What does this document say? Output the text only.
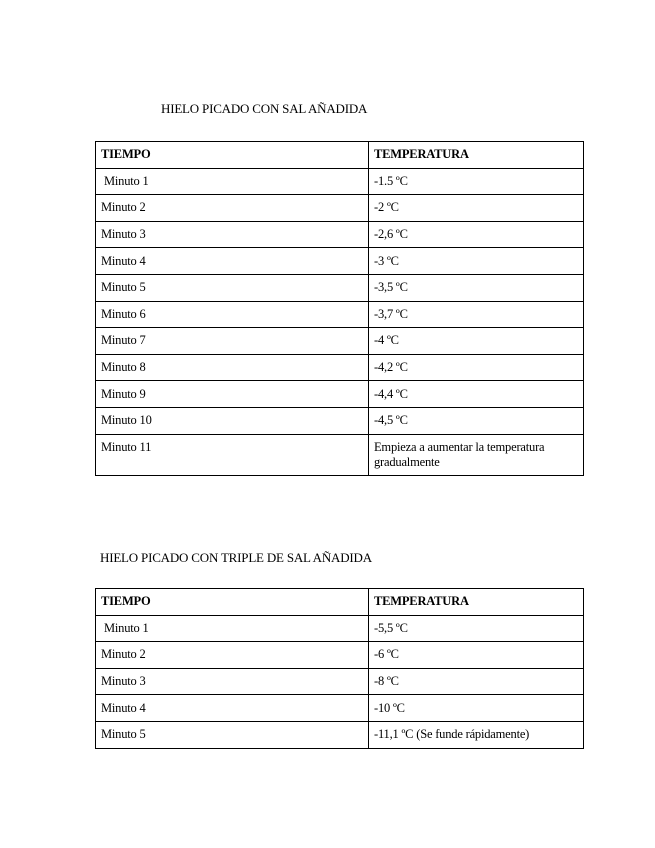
HIELO PICADO CON SAL AÑADIDA
TIEMPO	TEMPERATURA
Minuto 1	-1.5 ºC
Minuto 2	-2 ºC
Minuto 3	-2,6 ºC
Minuto 4	-3 ºC
Minuto 5	-3,5 ºC
Minuto 6	-3,7 ºC
Minuto 7	-4 ºC
Minuto 8	-4,2 ºC
Minuto 9	-4,4 ºC
Minuto 10	-4,5 ºC
Minuto 11	Empieza a aumentar la temperatura gradualmente
HIELO PICADO CON TRIPLE DE SAL AÑADIDA
TIEMPO	TEMPERATURA
Minuto 1	-5,5 ºC
Minuto 2	-6 ºC
Minuto 3	-8 ºC
Minuto 4	-10 ºC
Minuto 5	-11,1 ºC (Se funde rápidamente)
